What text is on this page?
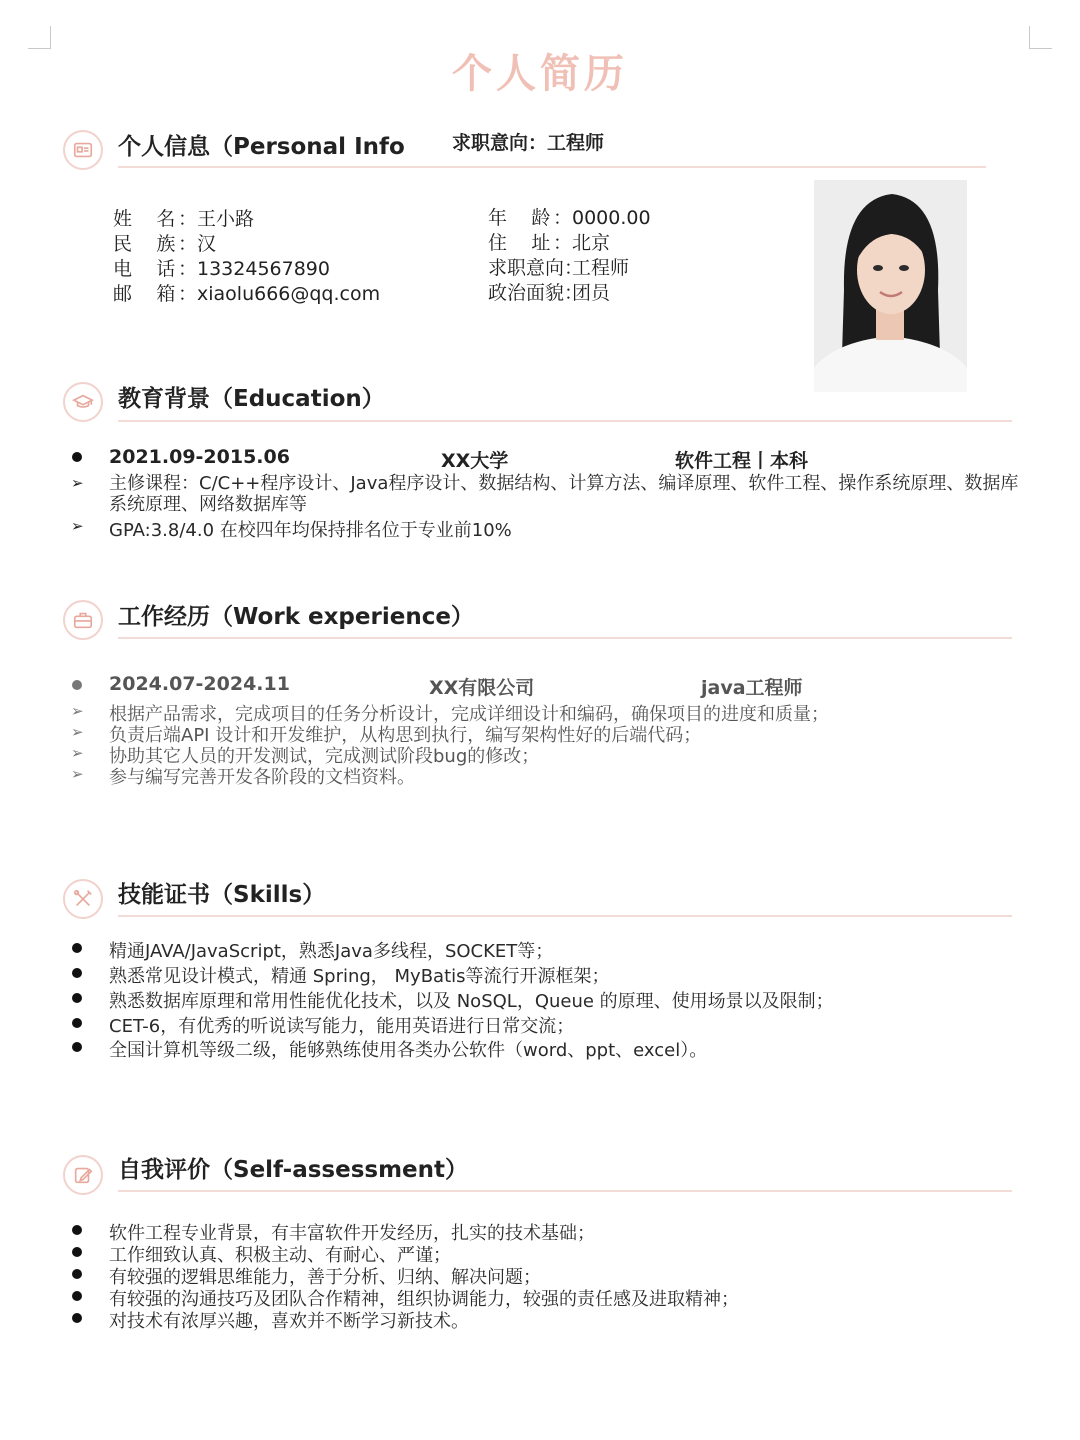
个人简历
个人信息（Personal Info 求职意向：工程师
姓　名：王小路
民　族：汉
电　话：13324567890
邮　箱：xiaolu666@qq.com
年　龄：0000.00
住　址：北京
求职意向：工程师
政治面貌：团员
教育背景（Education）
2021.09-2015.06	XX大学	软件工程丨本科
➢ 主修课程：C/C++程序设计、Java程序设计、数据结构、计算方法、编译原理、软件工程、操作系统原理、数据库系统原理、网络数据库等
➢ GPA:3.8/4.0 在校四年均保持排名位于专业前10%
工作经历（Work experience）
2024.07-2024.11	XX有限公司	java工程师
➢ 根据产品需求，完成项目的任务分析设计，完成详细设计和编码，确保项目的进度和质量；
➢ 负责后端API 设计和开发维护，从构思到执行，编写架构性好的后端代码；
➢ 协助其它人员的开发测试，完成测试阶段bug的修改；
➢ 参与编写完善开发各阶段的文档资料。
技能证书（Skills）
精通JAVA/JavaScript，熟悉Java多线程，SOCKET等；
熟悉常见设计模式，精通 Spring， MyBatis等流行开源框架；
熟悉数据库原理和常用性能优化技术，以及 NoSQL，Queue 的原理、使用场景以及限制；
CET-6，有优秀的听说读写能力，能用英语进行日常交流；
全国计算机等级二级，能够熟练使用各类办公软件（word、ppt、excel）。
自我评价（Self-assessment）
软件工程专业背景，有丰富软件开发经历，扎实的技术基础；
工作细致认真、积极主动、有耐心、严谨；
有较强的逻辑思维能力，善于分析、归纳、解决问题；
有较强的沟通技巧及团队合作精神，组织协调能力，较强的责任感及进取精神；
对技术有浓厚兴趣，喜欢并不断学习新技术。
